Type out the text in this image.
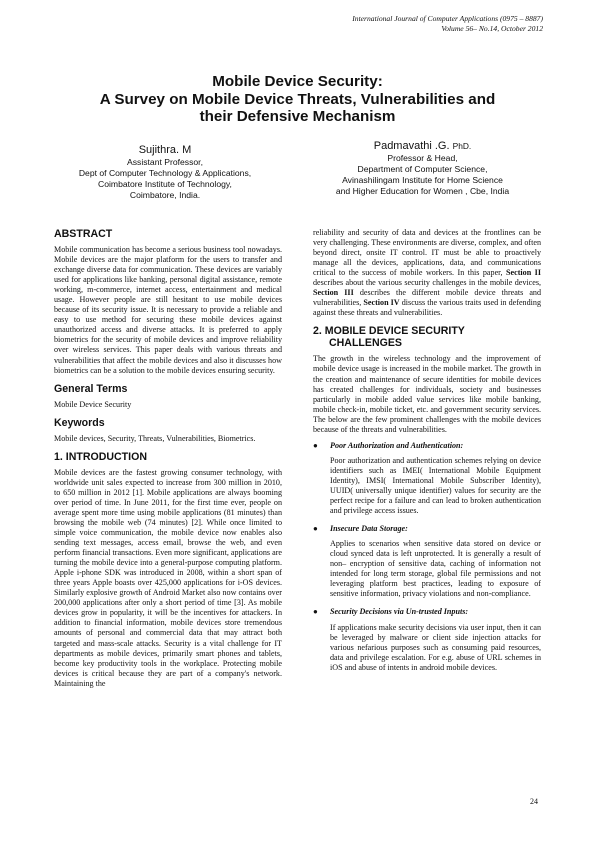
International Journal of Computer Applications (0975 – 8887)
Volume 56– No.14, October 2012
Mobile Device Security:
A Survey on Mobile Device Threats, Vulnerabilities and
their Defensive Mechanism
Sujithra. M
Assistant Professor,
Dept of Computer Technology & Applications,
Coimbatore Institute of Technology,
Coimbatore, India.
Padmavathi .G. PhD.
Professor & Head,
Department of Computer Science,
Avinashilingam Institute for Home Science
and Higher Education for Women , Cbe, India
ABSTRACT
Mobile communication has become a serious business tool nowadays. Mobile devices are the major platform for the users to transfer and exchange diverse data for communication. These devices are variably used for applications like banking, personal digital assistance, remote working, m-commerce, internet access, entertainment and medical usage. However people are still hesitant to use mobile devices because of its security issue. It is necessary to provide a reliable and easy to use method for securing these mobile devices against unauthorized access and diverse attacks. It is preferred to apply biometrics for the security of mobile devices and improve reliability over wireless services. This paper deals with various threats and vulnerabilities that affect the mobile devices and also it discusses how biometrics can be a solution to the mobile devices ensuring security.
General Terms
Mobile Device Security
Keywords
Mobile devices, Security, Threats, Vulnerabilities, Biometrics.
1. INTRODUCTION
Mobile devices are the fastest growing consumer technology, with worldwide unit sales expected to increase from 300 million in 2010, to 650 million in 2012 [1]. Mobile applications are always booming over period of time. In June 2011, for the first time ever, people on average spent more time using mobile applications (81 minutes) than browsing the mobile web (74 minutes) [2]. While once limited to simple voice communication, the mobile device now enables also sending text messages, access email, browse the web, and even perform financial transactions. Even more significant, applications are turning the mobile device into a general-purpose computing platform. Apple i-phone SDK was introduced in 2008, within a short span of three years Apple boasts over 425,000 applications for i-OS devices. Similarly explosive growth of Android Market also now contains over 200,000 applications after only a short period of time [3]. As mobile devices grow in popularity, it will be the incentives for attackers. In addition to financial information, mobile devices store tremendous amounts of personal and commercial data that may attract both targeted and mass-scale attacks. Security is a vital challenge for IT departments as mobile devices, primarily smart phones and tablets, become key productivity tools in the workplace. Protecting mobile devices is critical because they are part of a company's network. Maintaining the
reliability and security of data and devices at the frontlines can be very challenging. These environments are diverse, complex, and often beyond direct, onsite IT control. IT must be able to proactively manage all the devices, applications, data, and communications critical to the success of mobile workers. In this paper, Section II describes about the various security challenges in the mobile devices, Section III describes the different mobile device threats and vulnerabilities, Section IV discuss the various traits used in defending against these threats and vulnerabilities.
2. MOBILE DEVICE SECURITY
CHALLENGES
The growth in the wireless technology and the improvement of mobile device usage is increased in the mobile market. The growth in the creation and maintenance of secure identities for mobile devices has created challenges for individuals, society and businesses particularly in mobile added value services like mobile banking, mobile check-in, mobile ticket, etc. and government security services. The below are the few prominent challenges with the mobile devices because of the threats and vulnerabilities.
● Poor Authorization and Authentication:
Poor authorization and authentication schemes relying on device identifiers such as IMEI( International Mobile Equipment Identity), IMSI( International Mobile Subscriber Identity), UUID( universally unique identifier) values for security are the perfect recipe for a failure and can lead to broken authentication and privilege access issues.
● Insecure Data Storage:
Applies to scenarios when sensitive data stored on device or cloud synced data is left unprotected. It is generally a result of non– encryption of sensitive data, caching of information not intended for long term storage, global file permissions and not leveraging platform best practices, leading to exposure of sensitive information, privacy violations and non-compliance.
● Security Decisions via Un-trusted Inputs:
If applications make security decisions via user input, then it can be leveraged by malware or client side injection attacks for various nefarious purposes such as consuming paid resources, data and privilege escalation. For e.g. abuse of URL schemes in iOS and abuse of intents in android mobile devices.
24
